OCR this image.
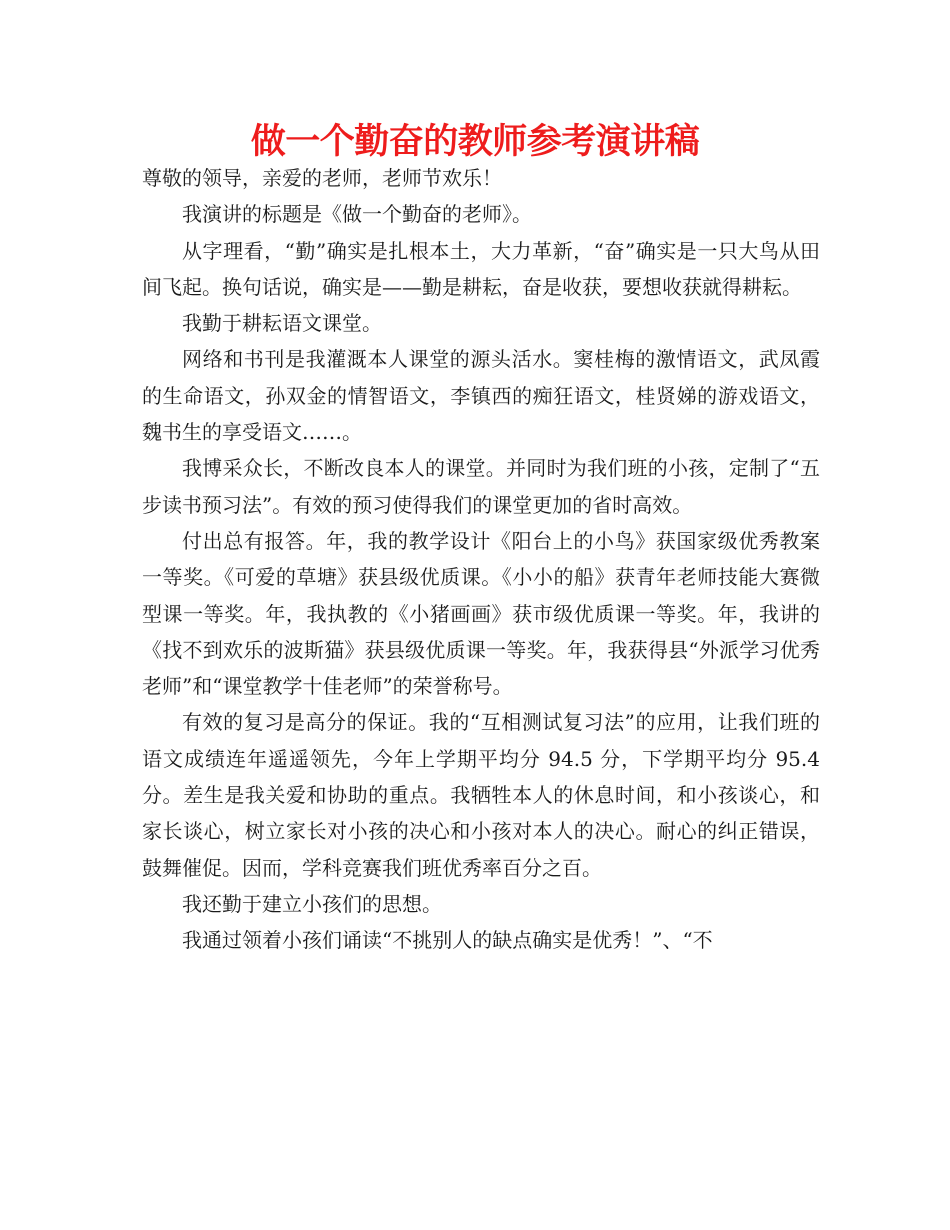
做一个勤奋的教师参考演讲稿

尊敬的领导，亲爱的老师，老师节欢乐！

我演讲的标题是《做一个勤奋的老师》。

从字理看，“勤”确实是扎根本土，大力革新，“奋”确实是一只大鸟从田间飞起。换句话说，确实是——勤是耕耘，奋是收获，要想收获就得耕耘。

我勤于耕耘语文课堂。

网络和书刊是我灌溉本人课堂的源头活水。窦桂梅的激情语文，武凤霞的生命语文，孙双金的情智语文，李镇西的痴狂语文，桂贤娣的游戏语文，魏书生的享受语文……。

我博采众长，不断改良本人的课堂。并同时为我们班的小孩，定制了“五步读书预习法”。有效的预习使得我们的课堂更加的省时高效。

付出总有报答。年，我的教学设计《阳台上的小鸟》获国家级优秀教案一等奖。《可爱的草塘》获县级优质课。《小小的船》获青年老师技能大赛微型课一等奖。年，我执教的《小猪画画》获市级优质课一等奖。年，我讲的《找不到欢乐的波斯猫》获县级优质课一等奖。年，我获得县“外派学习优秀老师”和“课堂教学十佳老师”的荣誉称号。

有效的复习是高分的保证。我的“互相测试复习法”的应用，让我们班的语文成绩连年遥遥领先，今年上学期平均分 94.5 分，下学期平均分 95.4 分。差生是我关爱和协助的重点。我牺牲本人的休息时间，和小孩谈心，和家长谈心，树立家长对小孩的决心和小孩对本人的决心。耐心的纠正错误，鼓舞催促。因而，学科竞赛我们班优秀率百分之百。

我还勤于建立小孩们的思想。

我通过领着小孩们诵读“不挑别人的缺点确实是优秀！”、“不
